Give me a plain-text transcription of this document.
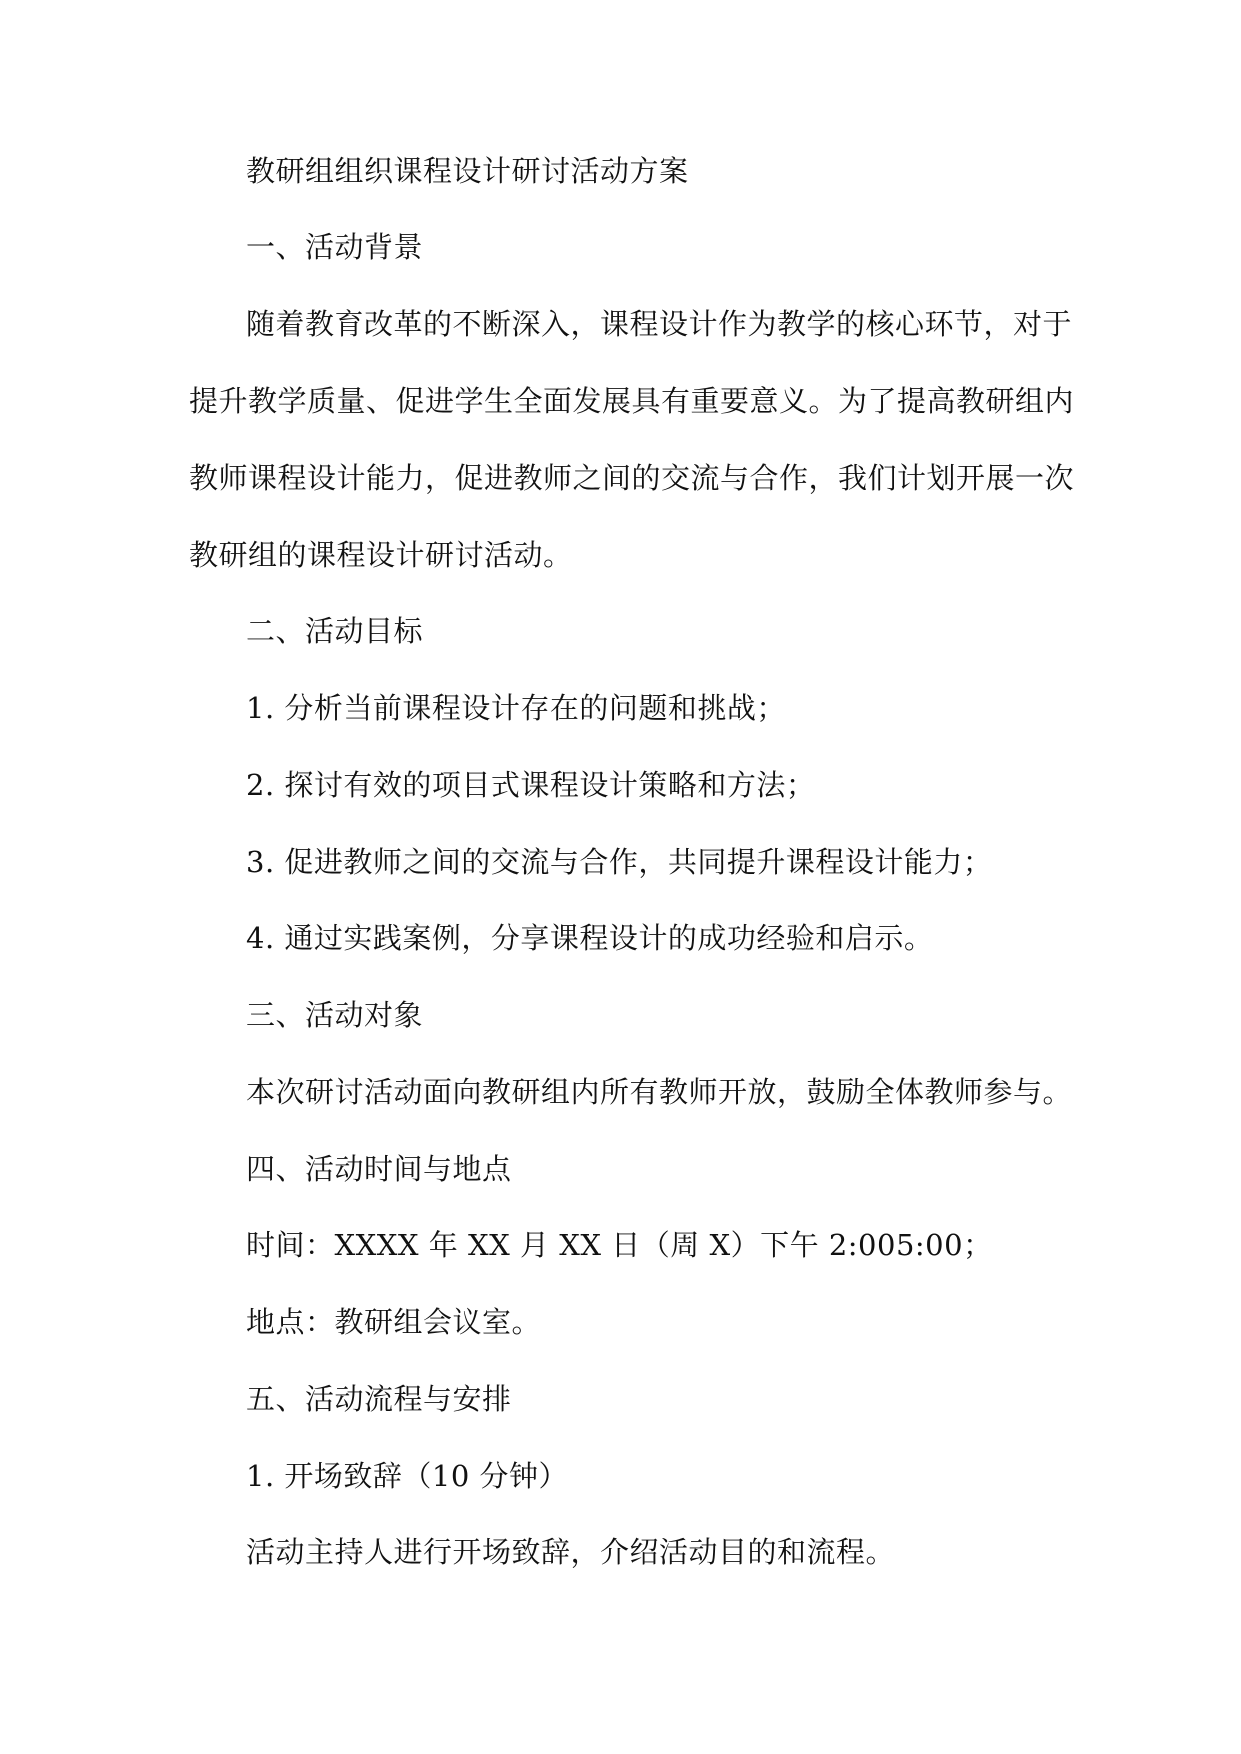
教研组组织课程设计研讨活动方案
一、活动背景
随着教育改革的不断深入，课程设计作为教学的核心环节，对于
提升教学质量、促进学生全面发展具有重要意义。为了提高教研组内
教师课程设计能力，促进教师之间的交流与合作，我们计划开展一次
教研组的课程设计研讨活动。
二、活动目标
1. 分析当前课程设计存在的问题和挑战；
2. 探讨有效的项目式课程设计策略和方法；
3. 促进教师之间的交流与合作，共同提升课程设计能力；
4. 通过实践案例，分享课程设计的成功经验和启示。
三、活动对象
本次研讨活动面向教研组内所有教师开放，鼓励全体教师参与。
四、活动时间与地点
时间：XXXX 年 XX 月 XX 日（周 X）下午 2:005:00；
地点：教研组会议室。
五、活动流程与安排
1. 开场致辞（10 分钟）
活动主持人进行开场致辞，介绍活动目的和流程。
